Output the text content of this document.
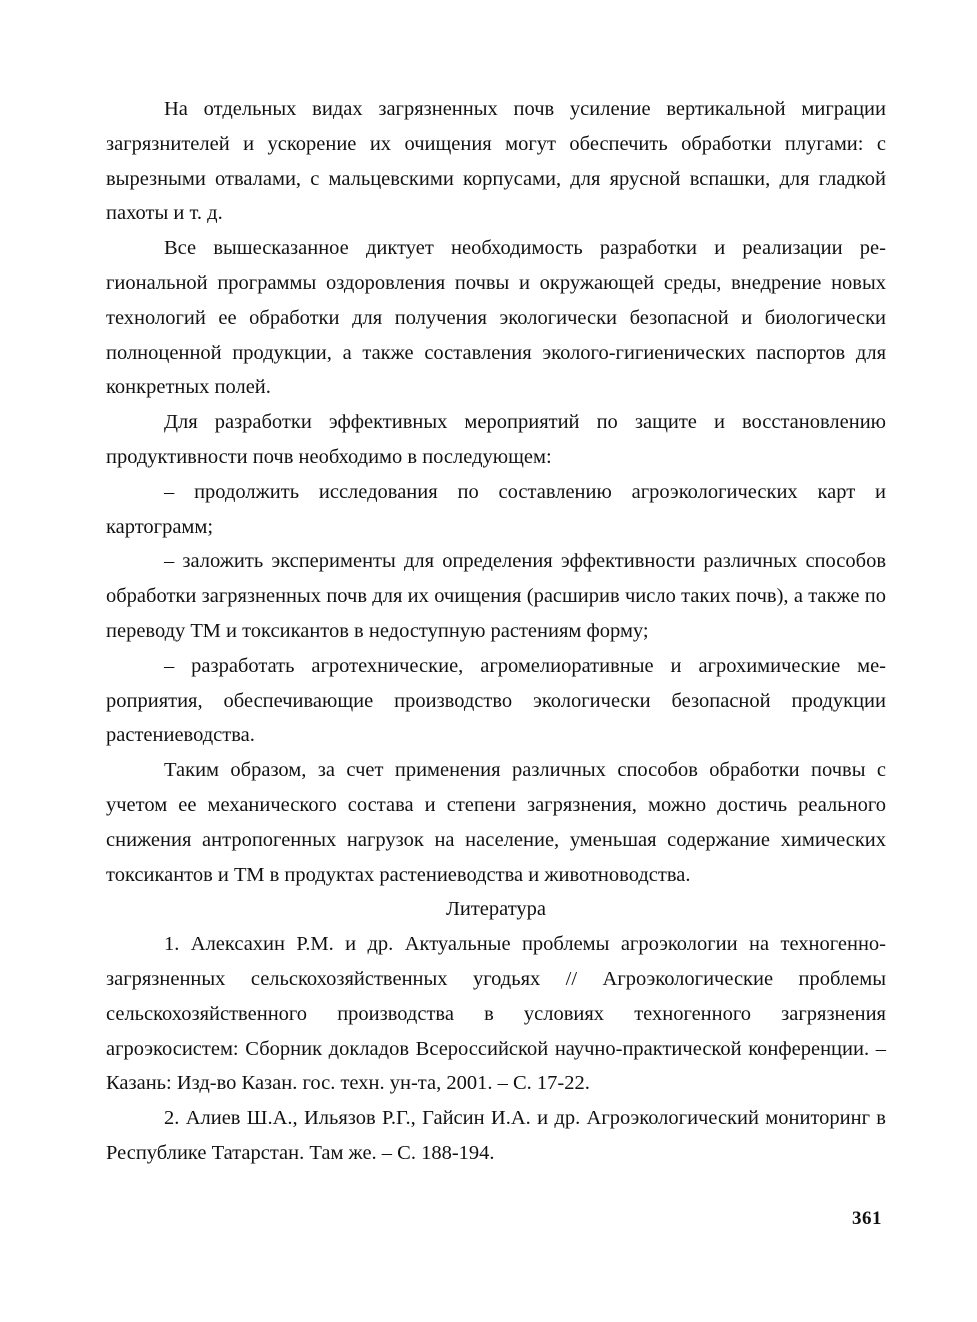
На отдельных видах загрязненных почв усиление вертикальной миграции загрязнителей и ускорение их очищения могут обеспечить обработки плугами: с вырезными отвалами, с мальцевскими корпусами, для ярусной вспашки, для гладкой пахоты и т. д.

Все вышесказанное диктует необходимость разработки и реализации региональной программы оздоровления почвы и окружающей среды, внедрение новых технологий ее обработки для получения экологически безопасной и биологически полноценной продукции, а также составления эколого-гигиенических паспортов для конкретных полей.

Для разработки эффективных мероприятий по защите и восстановлению продуктивности почв необходимо в последующем:

– продолжить исследования по составлению агроэкологических карт и картограмм;

– заложить эксперименты для определения эффективности различных способов обработки загрязненных почв для их очищения (расширив число таких почв), а также по переводу ТМ и токсикантов в недоступную растениям форму;

– разработать агротехнические, агромелиоративные и агрохимические мероприятия, обеспечивающие производство экологически безопасной продукции растениеводства.

Таким образом, за счет применения различных способов обработки почвы с учетом ее механического состава и степени загрязнения, можно достичь реального снижения антропогенных нагрузок на население, уменьшая содержание химических токсикантов и ТМ в продуктах растениеводства и животноводства.

Литература

1. Алексахин Р.М. и др. Актуальные проблемы агроэкологии на техногенно-загрязненных сельскохозяйственных угодьях // Агроэкологические проблемы сельскохозяйственного производства в условиях техногенного загрязнения агроэкосистем: Сборник докладов Всероссийской научно-практической конференции. – Казань: Изд-во Казан. гос. техн. ун-та, 2001. – С. 17-22.

2. Алиев Ш.А., Ильязов Р.Г., Гайсин И.А. и др. Агроэкологический мониторинг в Республике Татарстан. Там же. – С. 188-194.

361
